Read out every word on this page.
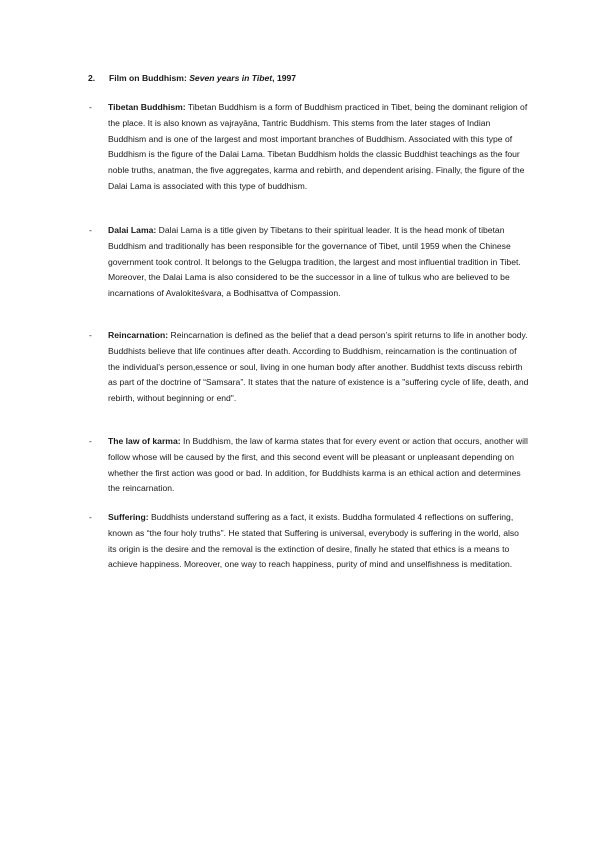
2. Film on Buddhism: Seven years in Tibet, 1997
- Tibetan Buddhism: Tibetan Buddhism is a form of Buddhism practiced in Tibet, being the dominant religion of the place. It is also known as vajrayāna, Tantric Buddhism. This stems from the later stages of Indian Buddhism and is one of the largest and most important branches of Buddhism. Associated with this type of Buddhism is the figure of the Dalai Lama. Tibetan Buddhism holds the classic Buddhist teachings as the four noble truths, anatman, the five aggregates, karma and rebirth, and dependent arising. Finally, the figure of the Dalai Lama is associated with this type of buddhism.
- Dalai Lama: Dalai Lama is a title given by Tibetans to their spiritual leader. It is the head monk of tibetan Buddhism and traditionally has been responsible for the governance of Tibet, until 1959 when the Chinese government took control. It belongs to the Gelugpa tradition, the largest and most influential tradition in Tibet. Moreover, the Dalai Lama is also considered to be the successor in a line of tulkus who are believed to be incarnations of Avalokiteśvara, a Bodhisattva of Compassion.
- Reincarnation: Reincarnation is defined as the belief that a dead person’s spirit returns to life in another body. Buddhists believe that life continues after death. According to Buddhism, reincarnation is the continuation of the individual’s person,essence or soul, living in one human body after another. Buddhist texts discuss rebirth as part of the doctrine of “Samsara”. It states that the nature of existence is a "suffering cycle of life, death, and rebirth, without beginning or end".
- The law of karma: In Buddhism, the law of karma states that for every event or action that occurs, another will follow whose will be caused by the first, and this second event will be pleasant or unpleasant depending on whether the first action was good or bad. In addition, for Buddhists karma is an ethical action and determines the reincarnation.
- Suffering: Buddhists understand suffering as a fact, it exists. Buddha formulated 4 reflections on suffering, known as “the four holy truths”. He stated that Suffering is universal, everybody is suffering in the world, also its origin is the desire and the removal is the extinction of desire, finally he stated that ethics is a means to achieve happiness. Moreover, one way to reach happiness, purity of mind and unselfishness is meditation.
